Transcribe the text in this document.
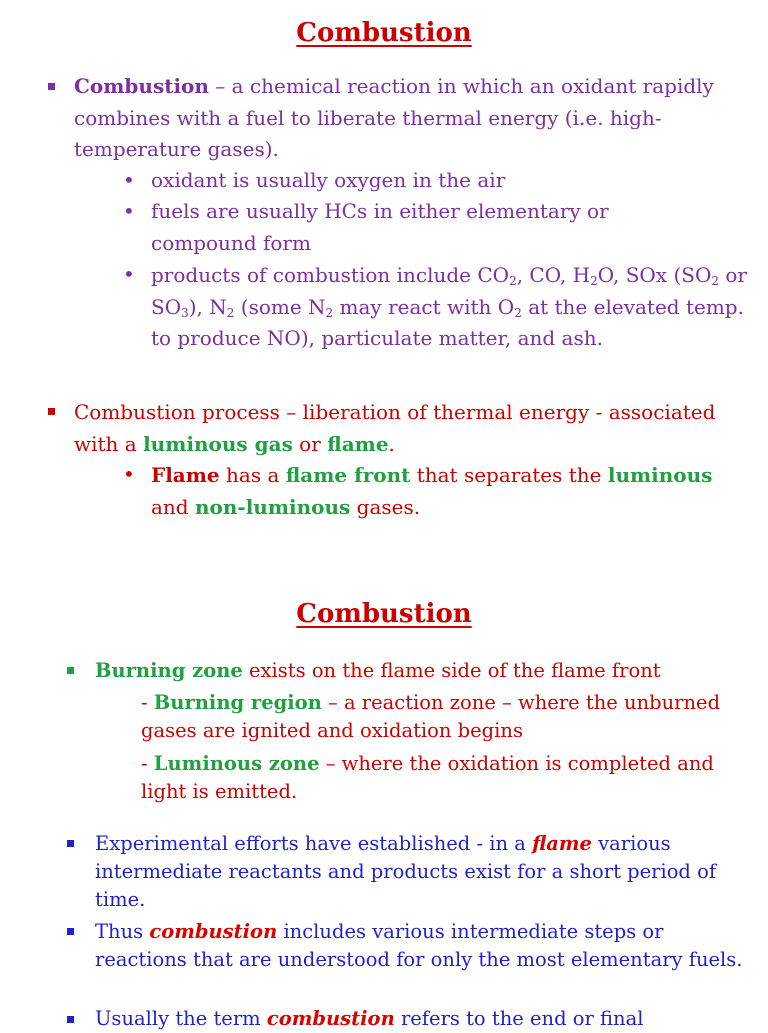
Combustion

Combustion – a chemical reaction in which an oxidant rapidly combines with a fuel to liberate thermal energy (i.e. high-temperature gases).

• oxidant is usually oxygen in the air

• fuels are usually HCs in either elementary or compound form

• products of combustion include $CO_2$, CO, $H_2O$, SOx ($SO_2$ or $SO_3$), $N_2$ (some $N_2$ may react with $O_2$ at the elevated temp. to produce NO), particulate matter, and ash.

Combustion process – liberation of thermal energy - associated with a luminous gas or flame.

• Flame has a flame front that separates the luminous and non-luminous gases.

Combustion

Burning zone exists on the flame side of the flame front

- Burning region – a reaction zone – where the unburned gases are ignited and oxidation begins

- Luminous zone – where the oxidation is completed and light is emitted.

Experimental efforts have established - in a flame various intermediate reactants and products exist for a short period of time.

Thus combustion includes various intermediate steps or reactions that are understood for only the most elementary fuels.

Usually the term combustion refers to the end or final
